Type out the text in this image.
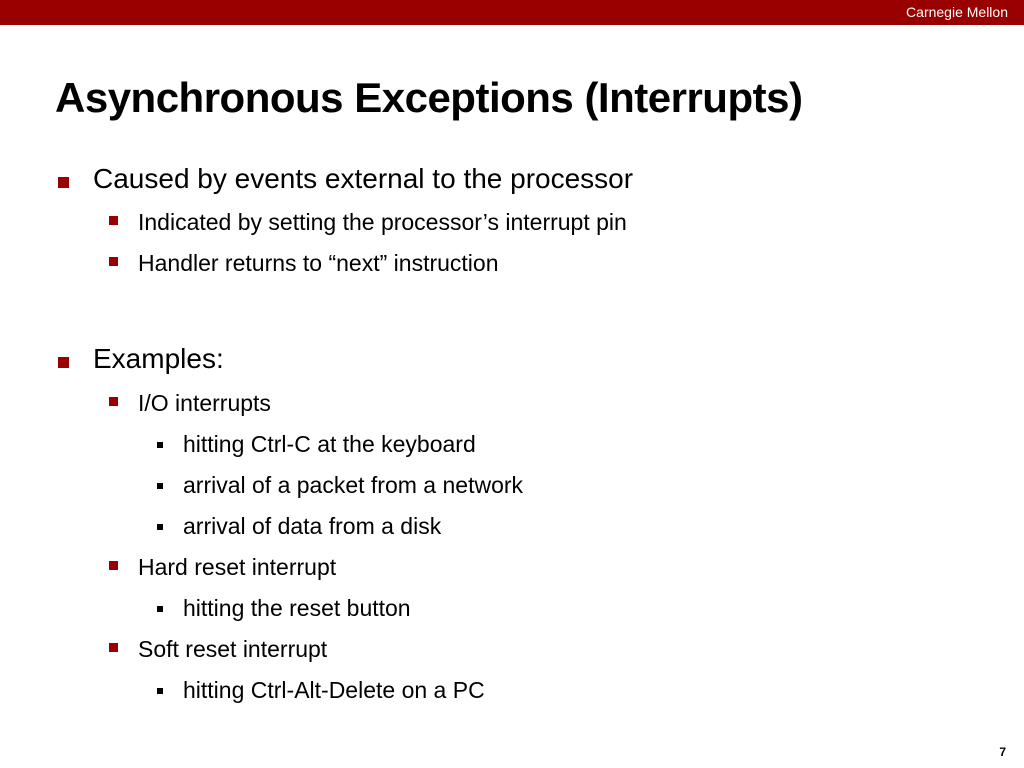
Carnegie Mellon
Asynchronous Exceptions (Interrupts)
Caused by events external to the processor
Indicated by setting the processor’s interrupt pin
Handler returns to “next” instruction
Examples:
I/O interrupts
hitting Ctrl-C at the keyboard
arrival of a packet from a network
arrival of data from a disk
Hard reset interrupt
hitting the reset button
Soft reset interrupt
hitting Ctrl-Alt-Delete on a PC
7
